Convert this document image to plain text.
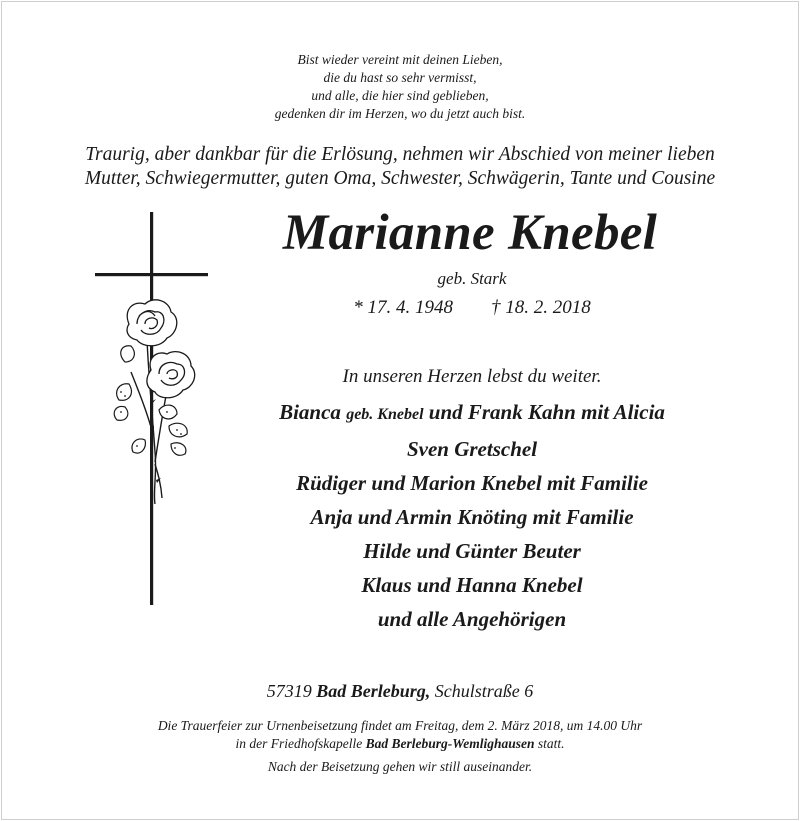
Bist wieder vereint mit deinen Lieben,
die du hast so sehr vermisst,
und alle, die hier sind geblieben,
gedenken dir im Herzen, wo du jetzt auch bist.
Traurig, aber dankbar für die Erlösung, nehmen wir Abschied von meiner lieben
Mutter, Schwiegermutter, guten Oma, Schwester, Schwägerin, Tante und Cousine
Marianne Knebel
geb. Stark
* 17. 4. 1948 † 18. 2. 2018
In unseren Herzen lebst du weiter.
Bianca geb. Knebel und Frank Kahn mit Alicia
Sven Gretschel
Rüdiger und Marion Knebel mit Familie
Anja und Armin Knöting mit Familie
Hilde und Günter Beuter
Klaus und Hanna Knebel
und alle Angehörigen
57319 Bad Berleburg, Schulstraße 6
Die Trauerfeier zur Urnenbeisetzung findet am Freitag, dem 2. März 2018, um 14.00 Uhr
in der Friedhofskapelle Bad Berleburg-Wemlighausen statt.
Nach der Beisetzung gehen wir still auseinander.
